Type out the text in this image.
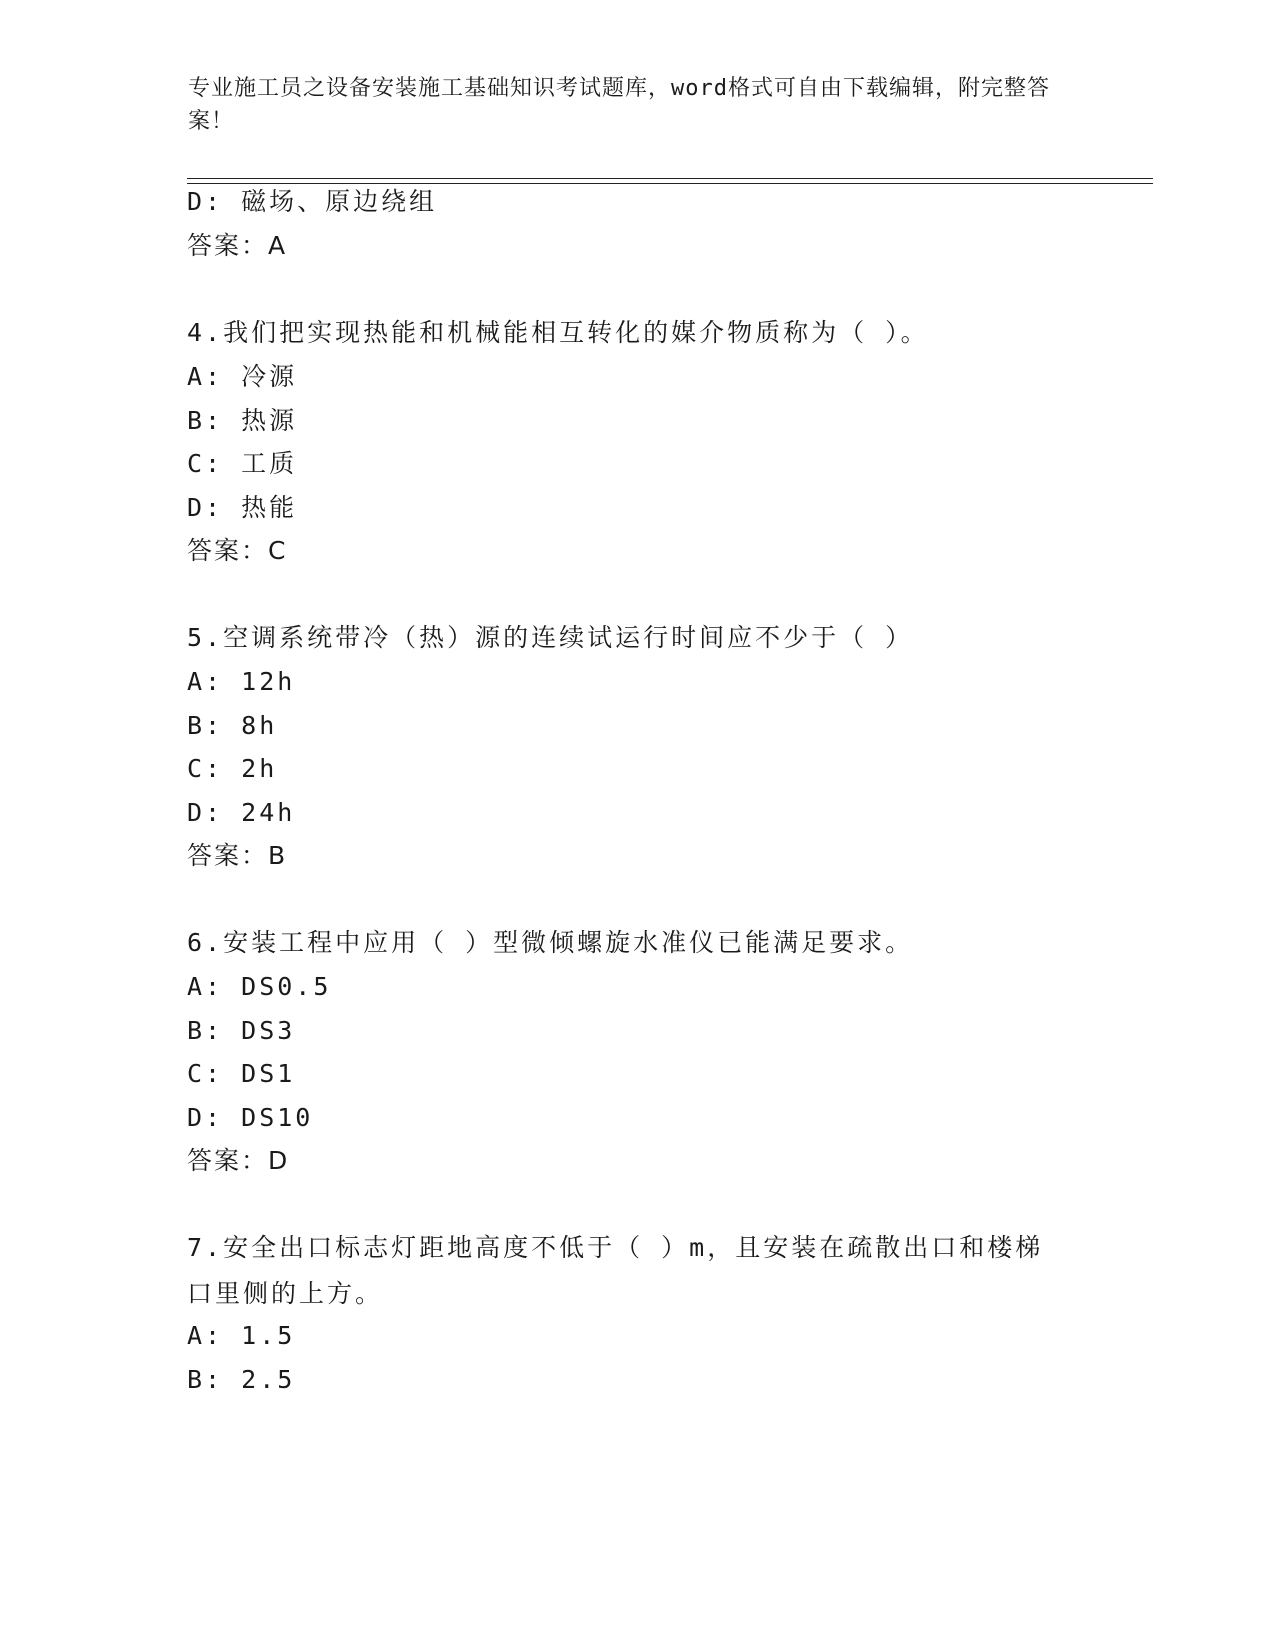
专业施工员之设备安装施工基础知识考试题库，word格式可自由下载编辑，附完整答案！
D: 磁场、原边绕组
答案：A
4.我们把实现热能和机械能相互转化的媒介物质称为（ ）。
A: 冷源
B: 热源
C: 工质
D: 热能
答案：C
5.空调系统带冷（热）源的连续试运行时间应不少于（ ）
A: 12h
B: 8h
C: 2h
D: 24h
答案：B
6.安装工程中应用（ ）型微倾螺旋水准仪已能满足要求。
A: DS0.5
B: DS3
C: DS1
D: DS10
答案：D
7.安全出口标志灯距地高度不低于（ ）m，且安装在疏散出口和楼梯口里侧的上方。
A: 1.5
B: 2.5
